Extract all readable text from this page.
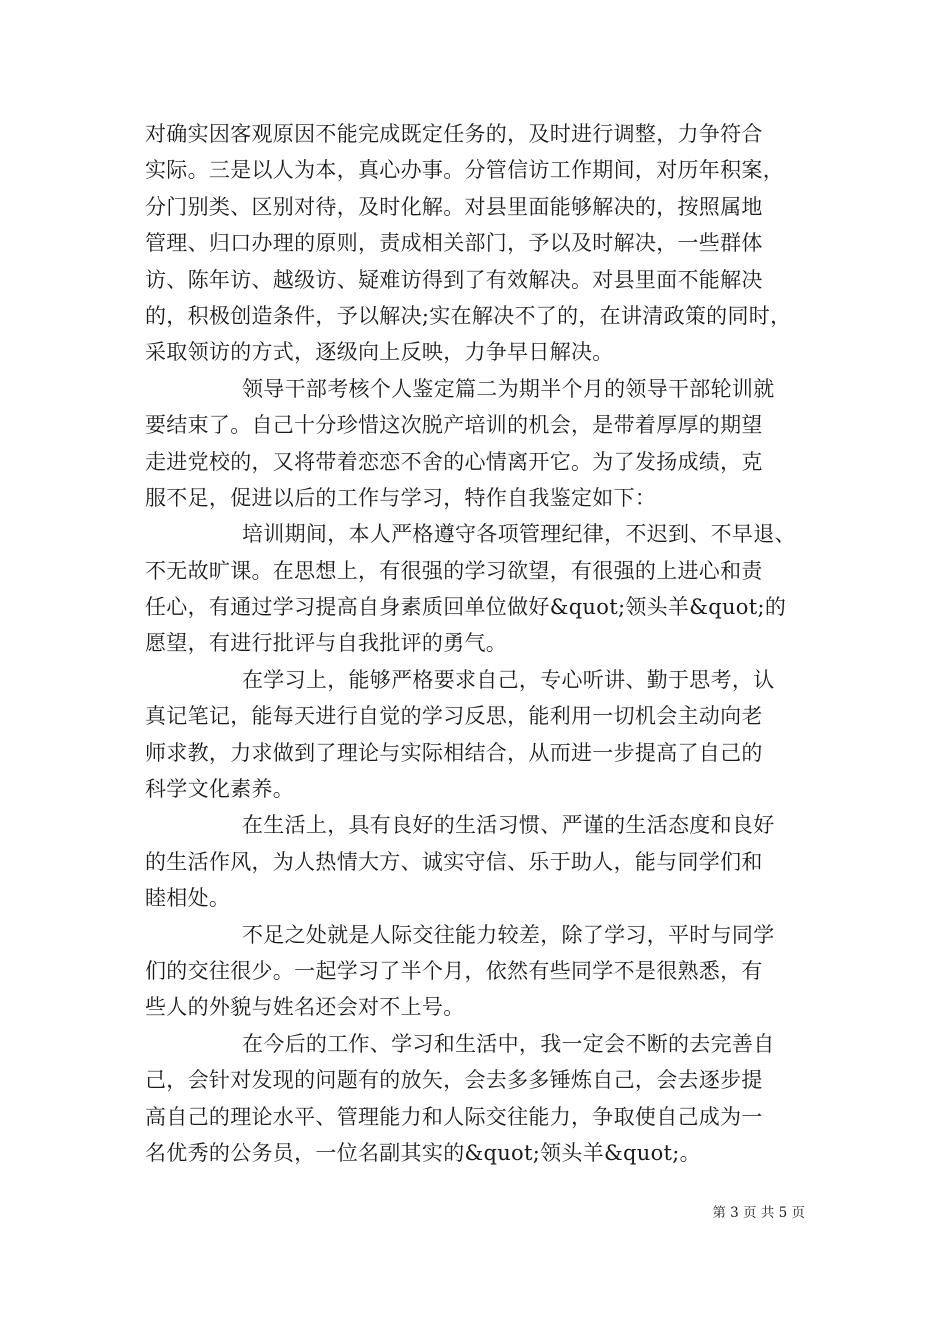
对确实因客观原因不能完成既定任务的，及时进行调整，力争符合
实际。三是以人为本，真心办事。分管信访工作期间，对历年积案，
分门别类、区别对待，及时化解。对县里面能够解决的，按照属地
管理、归口办理的原则，责成相关部门，予以及时解决，一些群体
访、陈年访、越级访、疑难访得到了有效解决。对县里面不能解决
的，积极创造条件，予以解决;实在解决不了的，在讲清政策的同时，
采取领访的方式，逐级向上反映，力争早日解决。
领导干部考核个人鉴定篇二为期半个月的领导干部轮训就
要结束了。自己十分珍惜这次脱产培训的机会，是带着厚厚的期望
走进党校的，又将带着恋恋不舍的心情离开它。为了发扬成绩，克
服不足，促进以后的工作与学习，特作自我鉴定如下：
培训期间，本人严格遵守各项管理纪律，不迟到、不早退、
不无故旷课。在思想上，有很强的学习欲望，有很强的上进心和责
任心，有通过学习提高自身素质回单位做好&quot;领头羊&quot;的
愿望，有进行批评与自我批评的勇气。
在学习上，能够严格要求自己，专心听讲、勤于思考，认
真记笔记，能每天进行自觉的学习反思，能利用一切机会主动向老
师求教，力求做到了理论与实际相结合，从而进一步提高了自己的
科学文化素养。
在生活上，具有良好的生活习惯、严谨的生活态度和良好
的生活作风，为人热情大方、诚实守信、乐于助人，能与同学们和
睦相处。
不足之处就是人际交往能力较差，除了学习，平时与同学
们的交往很少。一起学习了半个月，依然有些同学不是很熟悉，有
些人的外貌与姓名还会对不上号。
在今后的工作、学习和生活中，我一定会不断的去完善自
己，会针对发现的问题有的放矢，会去多多锤炼自己，会去逐步提
高自己的理论水平、管理能力和人际交往能力，争取使自己成为一
名优秀的公务员，一位名副其实的&quot;领头羊&quot;。
第 3 页 共 5 页
